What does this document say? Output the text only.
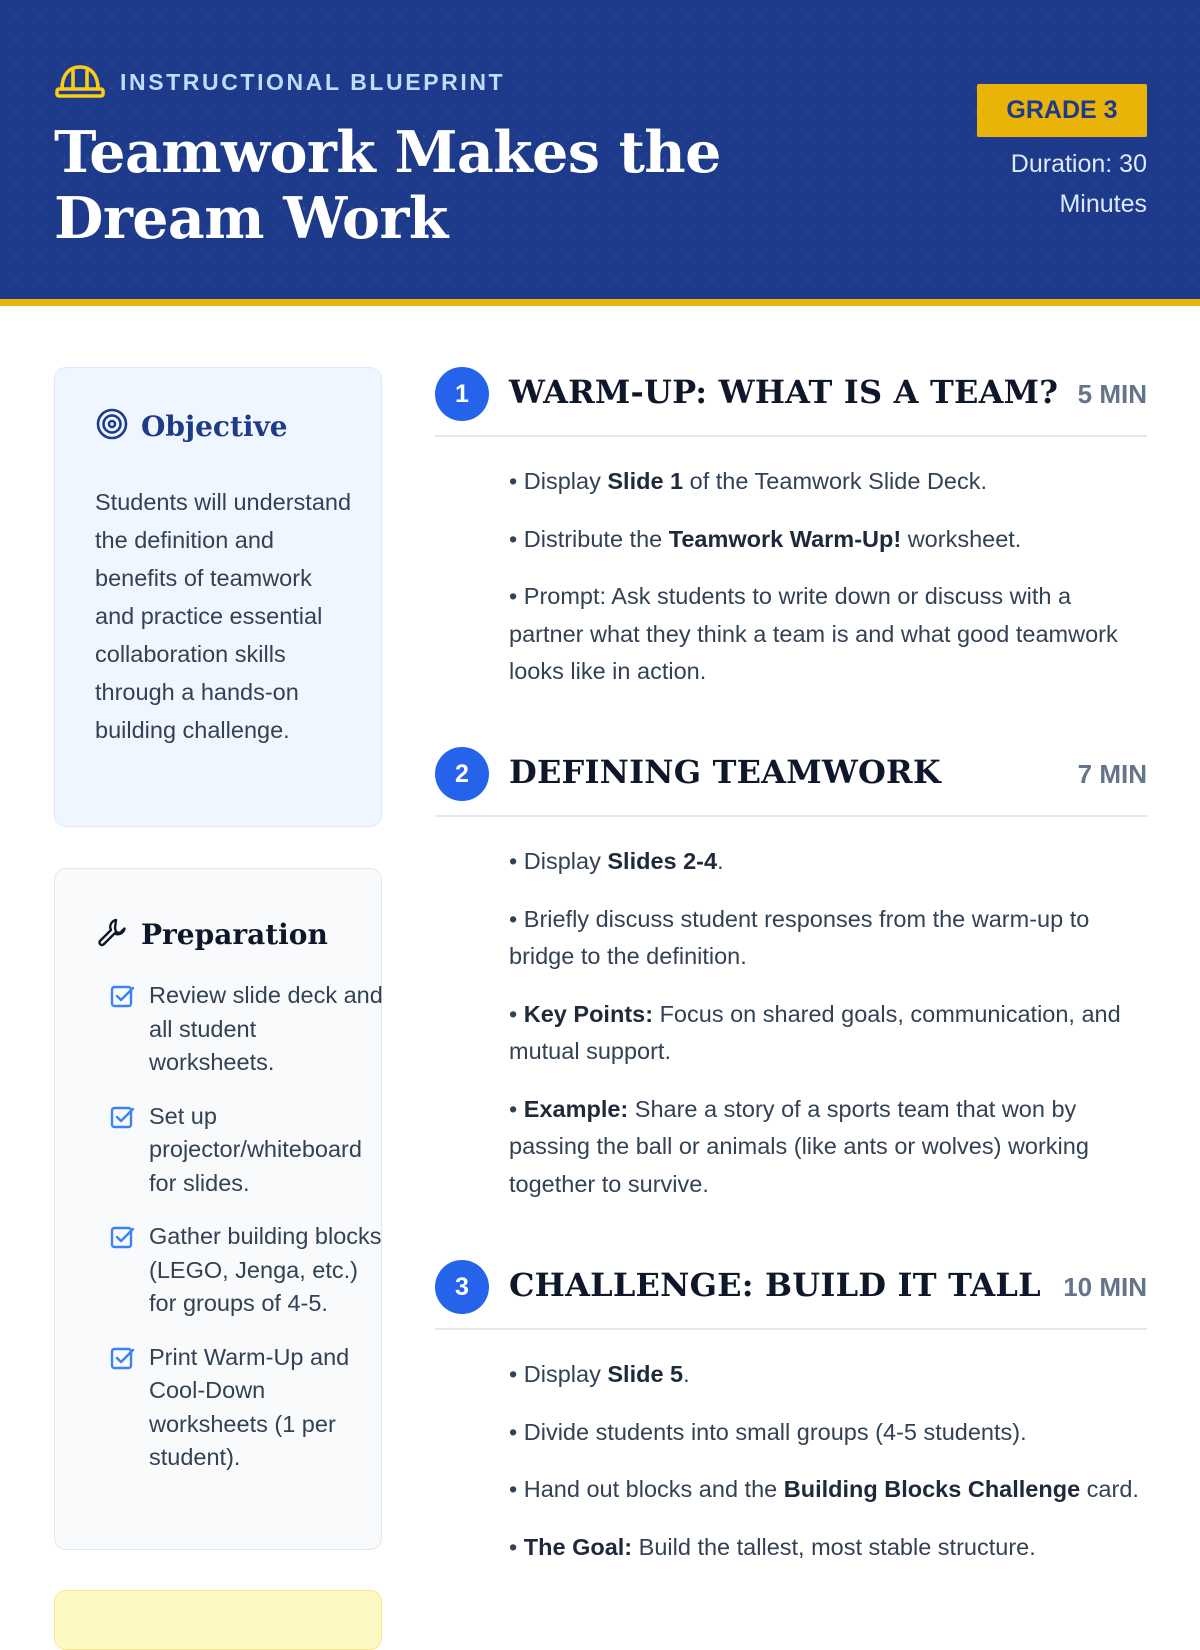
INSTRUCTIONAL BLUEPRINT
Teamwork Makes the Dream Work
GRADE 3
Duration: 30 Minutes
Objective

Students will understand the definition and benefits of teamwork and practice essential collaboration skills through a hands-on building challenge.

Preparation
Review slide deck and all student worksheets.
Set up projector/whiteboard for slides.
Gather building blocks (LEGO, Jenga, etc.) for groups of 4-5.
Print Warm-Up and Cool-Down worksheets (1 per student).
1	WARM-UP: WHAT IS A TEAM? 5 MIN
• Display Slide 1 of the Teamwork Slide Deck.
• Distribute the Teamwork Warm-Up! worksheet.
• Prompt: Ask students to write down or discuss with a partner what they think a team is and what good teamwork looks like in action.
2	DEFINING TEAMWORK	7 MIN
• Display Slides 2-4.
• Briefly discuss student responses from the warm-up to bridge to the definition.
• Key Points: Focus on shared goals, communication, and mutual support.
• Example: Share a story of a sports team that won by passing the ball or animals (like ants or wolves) working together to survive.
3	CHALLENGE: BUILD IT TALL 10 MIN
• Display Slide 5.
• Divide students into small groups (4-5 students).
• Hand out blocks and the Building Blocks Challenge card.
• The Goal: Build the tallest, most stable structure.
